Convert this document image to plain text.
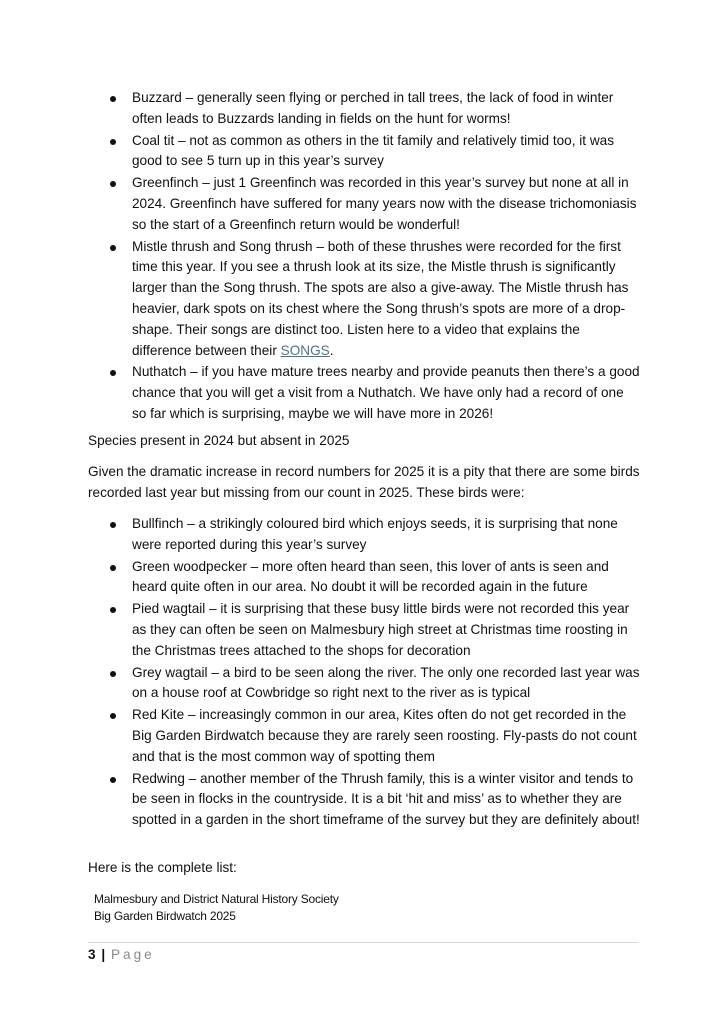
Buzzard – generally seen flying or perched in tall trees, the lack of food in winter often leads to Buzzards landing in fields on the hunt for worms!
Coal tit – not as common as others in the tit family and relatively timid too, it was good to see 5 turn up in this year’s survey
Greenfinch – just 1 Greenfinch was recorded in this year’s survey but none at all in 2024. Greenfinch have suffered for many years now with the disease trichomoniasis so the start of a Greenfinch return would be wonderful!
Mistle thrush and Song thrush – both of these thrushes were recorded for the first time this year. If you see a thrush look at its size, the Mistle thrush is significantly larger than the Song thrush. The spots are also a give-away. The Mistle thrush has heavier, dark spots on its chest where the Song thrush’s spots are more of a drop-shape. Their songs are distinct too. Listen here to a video that explains the difference between their SONGS.
Nuthatch – if you have mature trees nearby and provide peanuts then there’s a good chance that you will get a visit from a Nuthatch. We have only had a record of one so far which is surprising, maybe we will have more in 2026!

Species present in 2024 but absent in 2025

Given the dramatic increase in record numbers for 2025 it is a pity that there are some birds recorded last year but missing from our count in 2025. These birds were:

Bullfinch – a strikingly coloured bird which enjoys seeds, it is surprising that none were reported during this year’s survey
Green woodpecker – more often heard than seen, this lover of ants is seen and heard quite often in our area. No doubt it will be recorded again in the future
Pied wagtail – it is surprising that these busy little birds were not recorded this year as they can often be seen on Malmesbury high street at Christmas time roosting in the Christmas trees attached to the shops for decoration
Grey wagtail – a bird to be seen along the river. The only one recorded last year was on a house roof at Cowbridge so right next to the river as is typical
Red Kite – increasingly common in our area, Kites often do not get recorded in the Big Garden Birdwatch because they are rarely seen roosting. Fly-pasts do not count and that is the most common way of spotting them
Redwing – another member of the Thrush family, this is a winter visitor and tends to be seen in flocks in the countryside. It is a bit ‘hit and miss’ as to whether they are spotted in a garden in the short timeframe of the survey but they are definitely about!

Here is the complete list:

Malmesbury and District Natural History Society
Big Garden Birdwatch 2025
3 | Page
